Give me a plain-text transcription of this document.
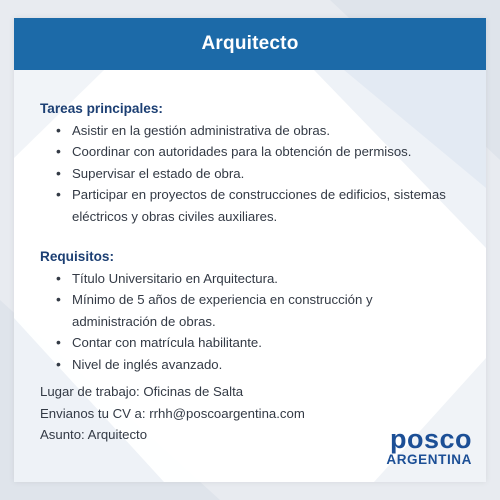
Arquitecto

Tareas principales:

• Asistir en la gestión administrativa de obras.
• Coordinar con autoridades para la obtención de permisos.
• Supervisar el estado de obra.
• Participar en proyectos de construcciones de edificios, sistemas eléctricos y obras civiles auxiliares.

Requisitos:

• Título Universitario en Arquitectura.
• Mínimo de 5 años de experiencia en construcción y administración de obras.
• Contar con matrícula habilitante.
• Nivel de inglés avanzado.
Lugar de trabajo: Oficinas de Salta
Envianos tu CV a: rrhh@poscoargentina.com
Asunto: Arquitecto	posco
ARGENTINA
